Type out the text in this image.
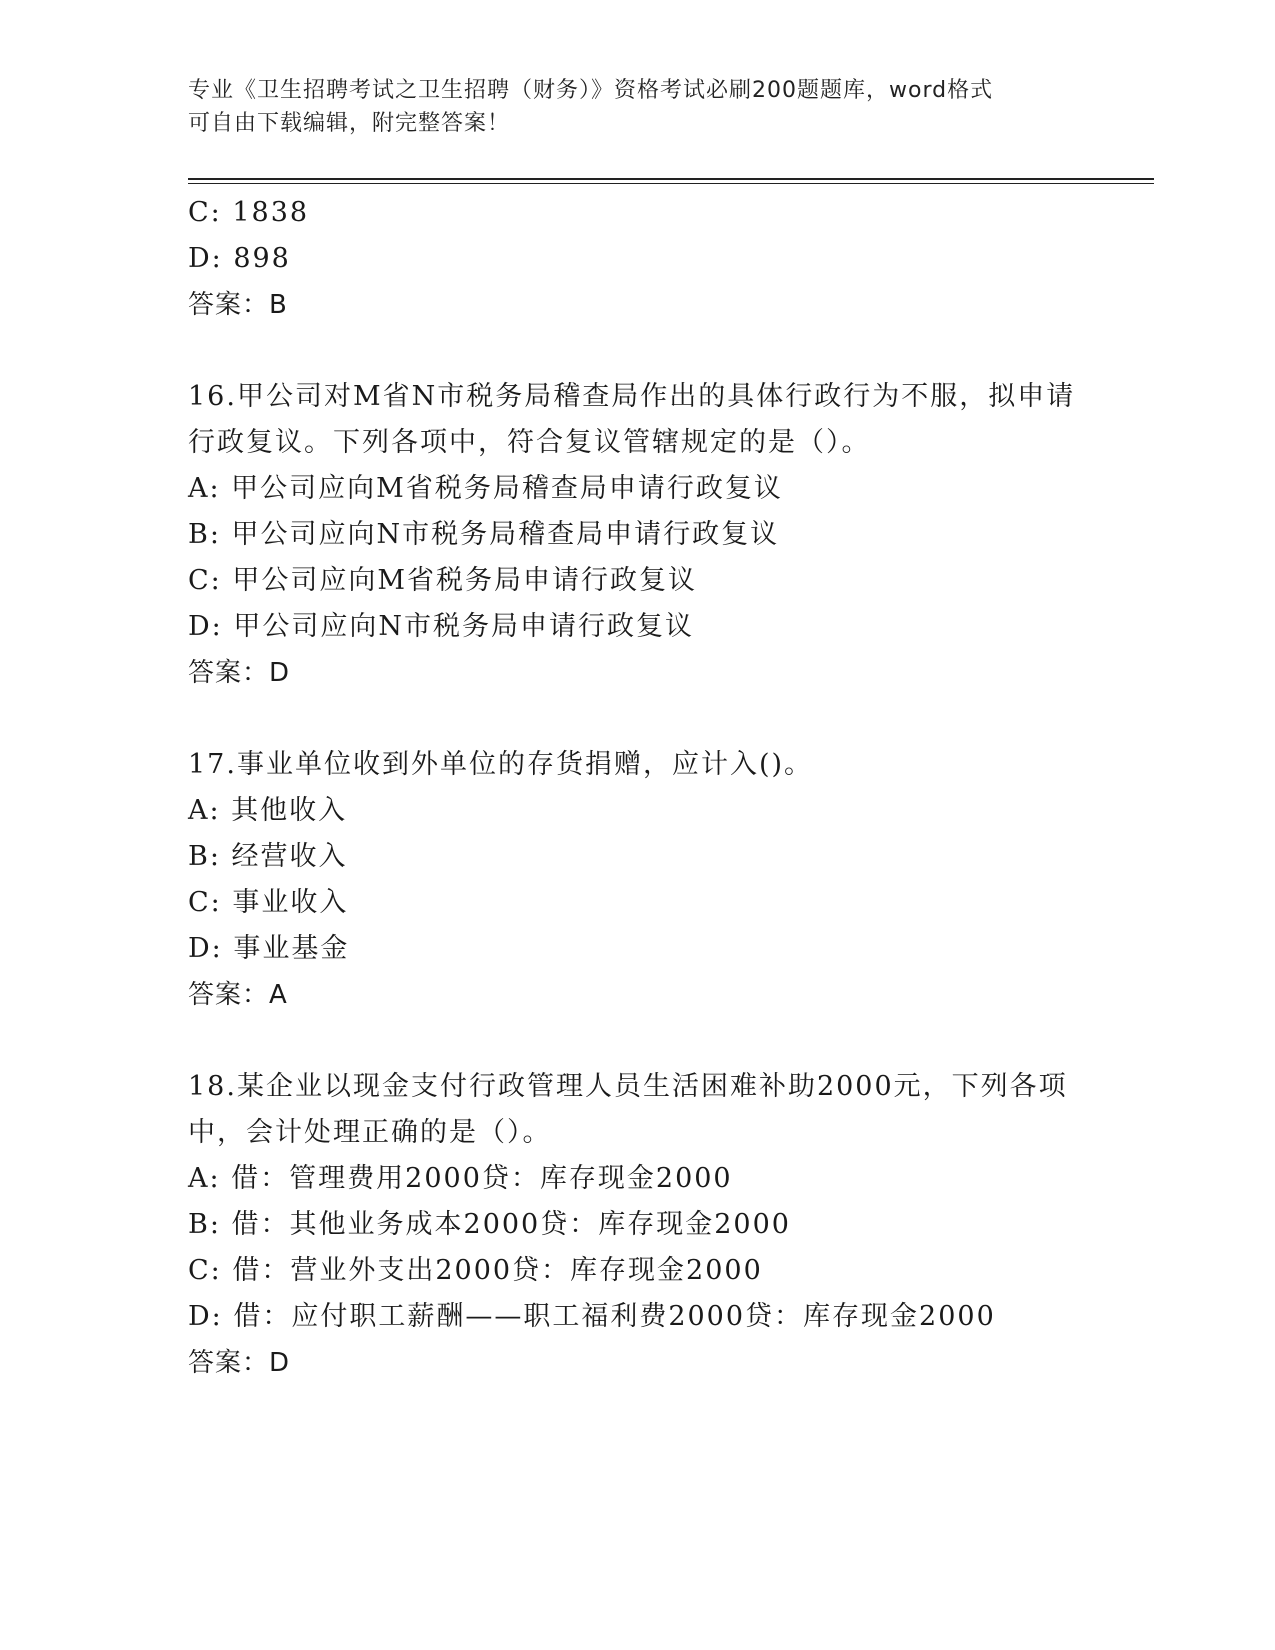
专业《卫生招聘考试之卫生招聘（财务）》资格考试必刷200题题库，word格式
可自由下载编辑，附完整答案！
C: 1838
D: 898
答案：B
16.甲公司对M省N市税务局稽查局作出的具体行政行为不服，拟申请
行政复议。下列各项中，符合复议管辖规定的是（）。
A: 甲公司应向M省税务局稽查局申请行政复议
B: 甲公司应向N市税务局稽查局申请行政复议
C: 甲公司应向M省税务局申请行政复议
D: 甲公司应向N市税务局申请行政复议
答案：D
17.事业单位收到外单位的存货捐赠，应计入()。
A: 其他收入
B: 经营收入
C: 事业收入
D: 事业基金
答案：A
18.某企业以现金支付行政管理人员生活困难补助2000元，下列各项
中，会计处理正确的是（）。
A: 借：管理费用2000贷：库存现金2000
B: 借：其他业务成本2000贷：库存现金2000
C: 借：营业外支出2000贷：库存现金2000
D: 借：应付职工薪酬——职工福利费2000贷：库存现金2000
答案：D
